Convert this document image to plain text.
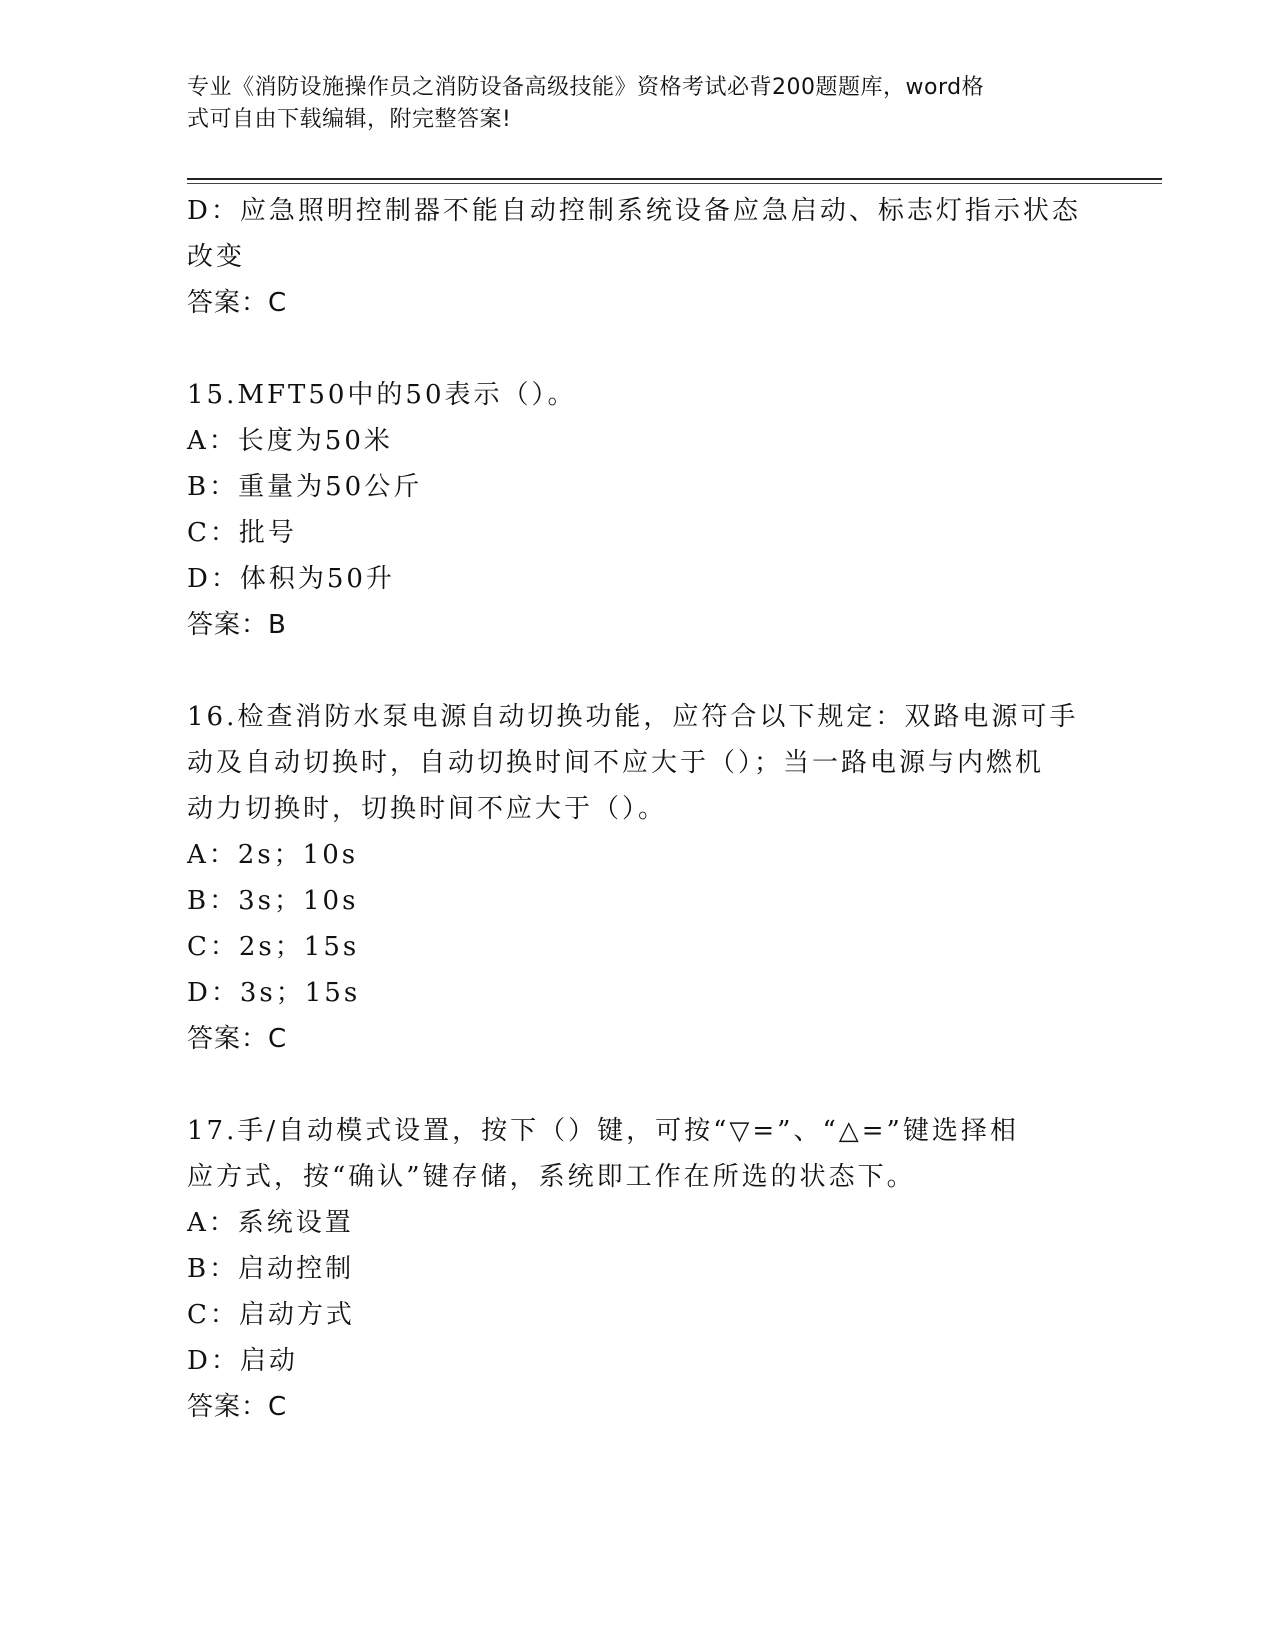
专业《消防设施操作员之消防设备高级技能》资格考试必背200题题库，word格
式可自由下载编辑，附完整答案!
D：应急照明控制器不能自动控制系统设备应急启动、标志灯指示状态
改变
答案：C
15.MFT50中的50表示（）。
A：长度为50米
B：重量为50公斤
C：批号
D：体积为50升
答案：B
16.检查消防水泵电源自动切换功能，应符合以下规定：双路电源可手
动及自动切换时，自动切换时间不应大于（）；当一路电源与内燃机
动力切换时，切换时间不应大于（）。
A：2s；10s
B：3s；10s
C：2s；15s
D：3s；15s
答案：C
17.手/自动模式设置，按下（）键，可按“▽=”、“△=”键选择相
应方式，按“确认”键存储，系统即工作在所选的状态下。
A：系统设置
B：启动控制
C：启动方式
D：启动
答案：C
